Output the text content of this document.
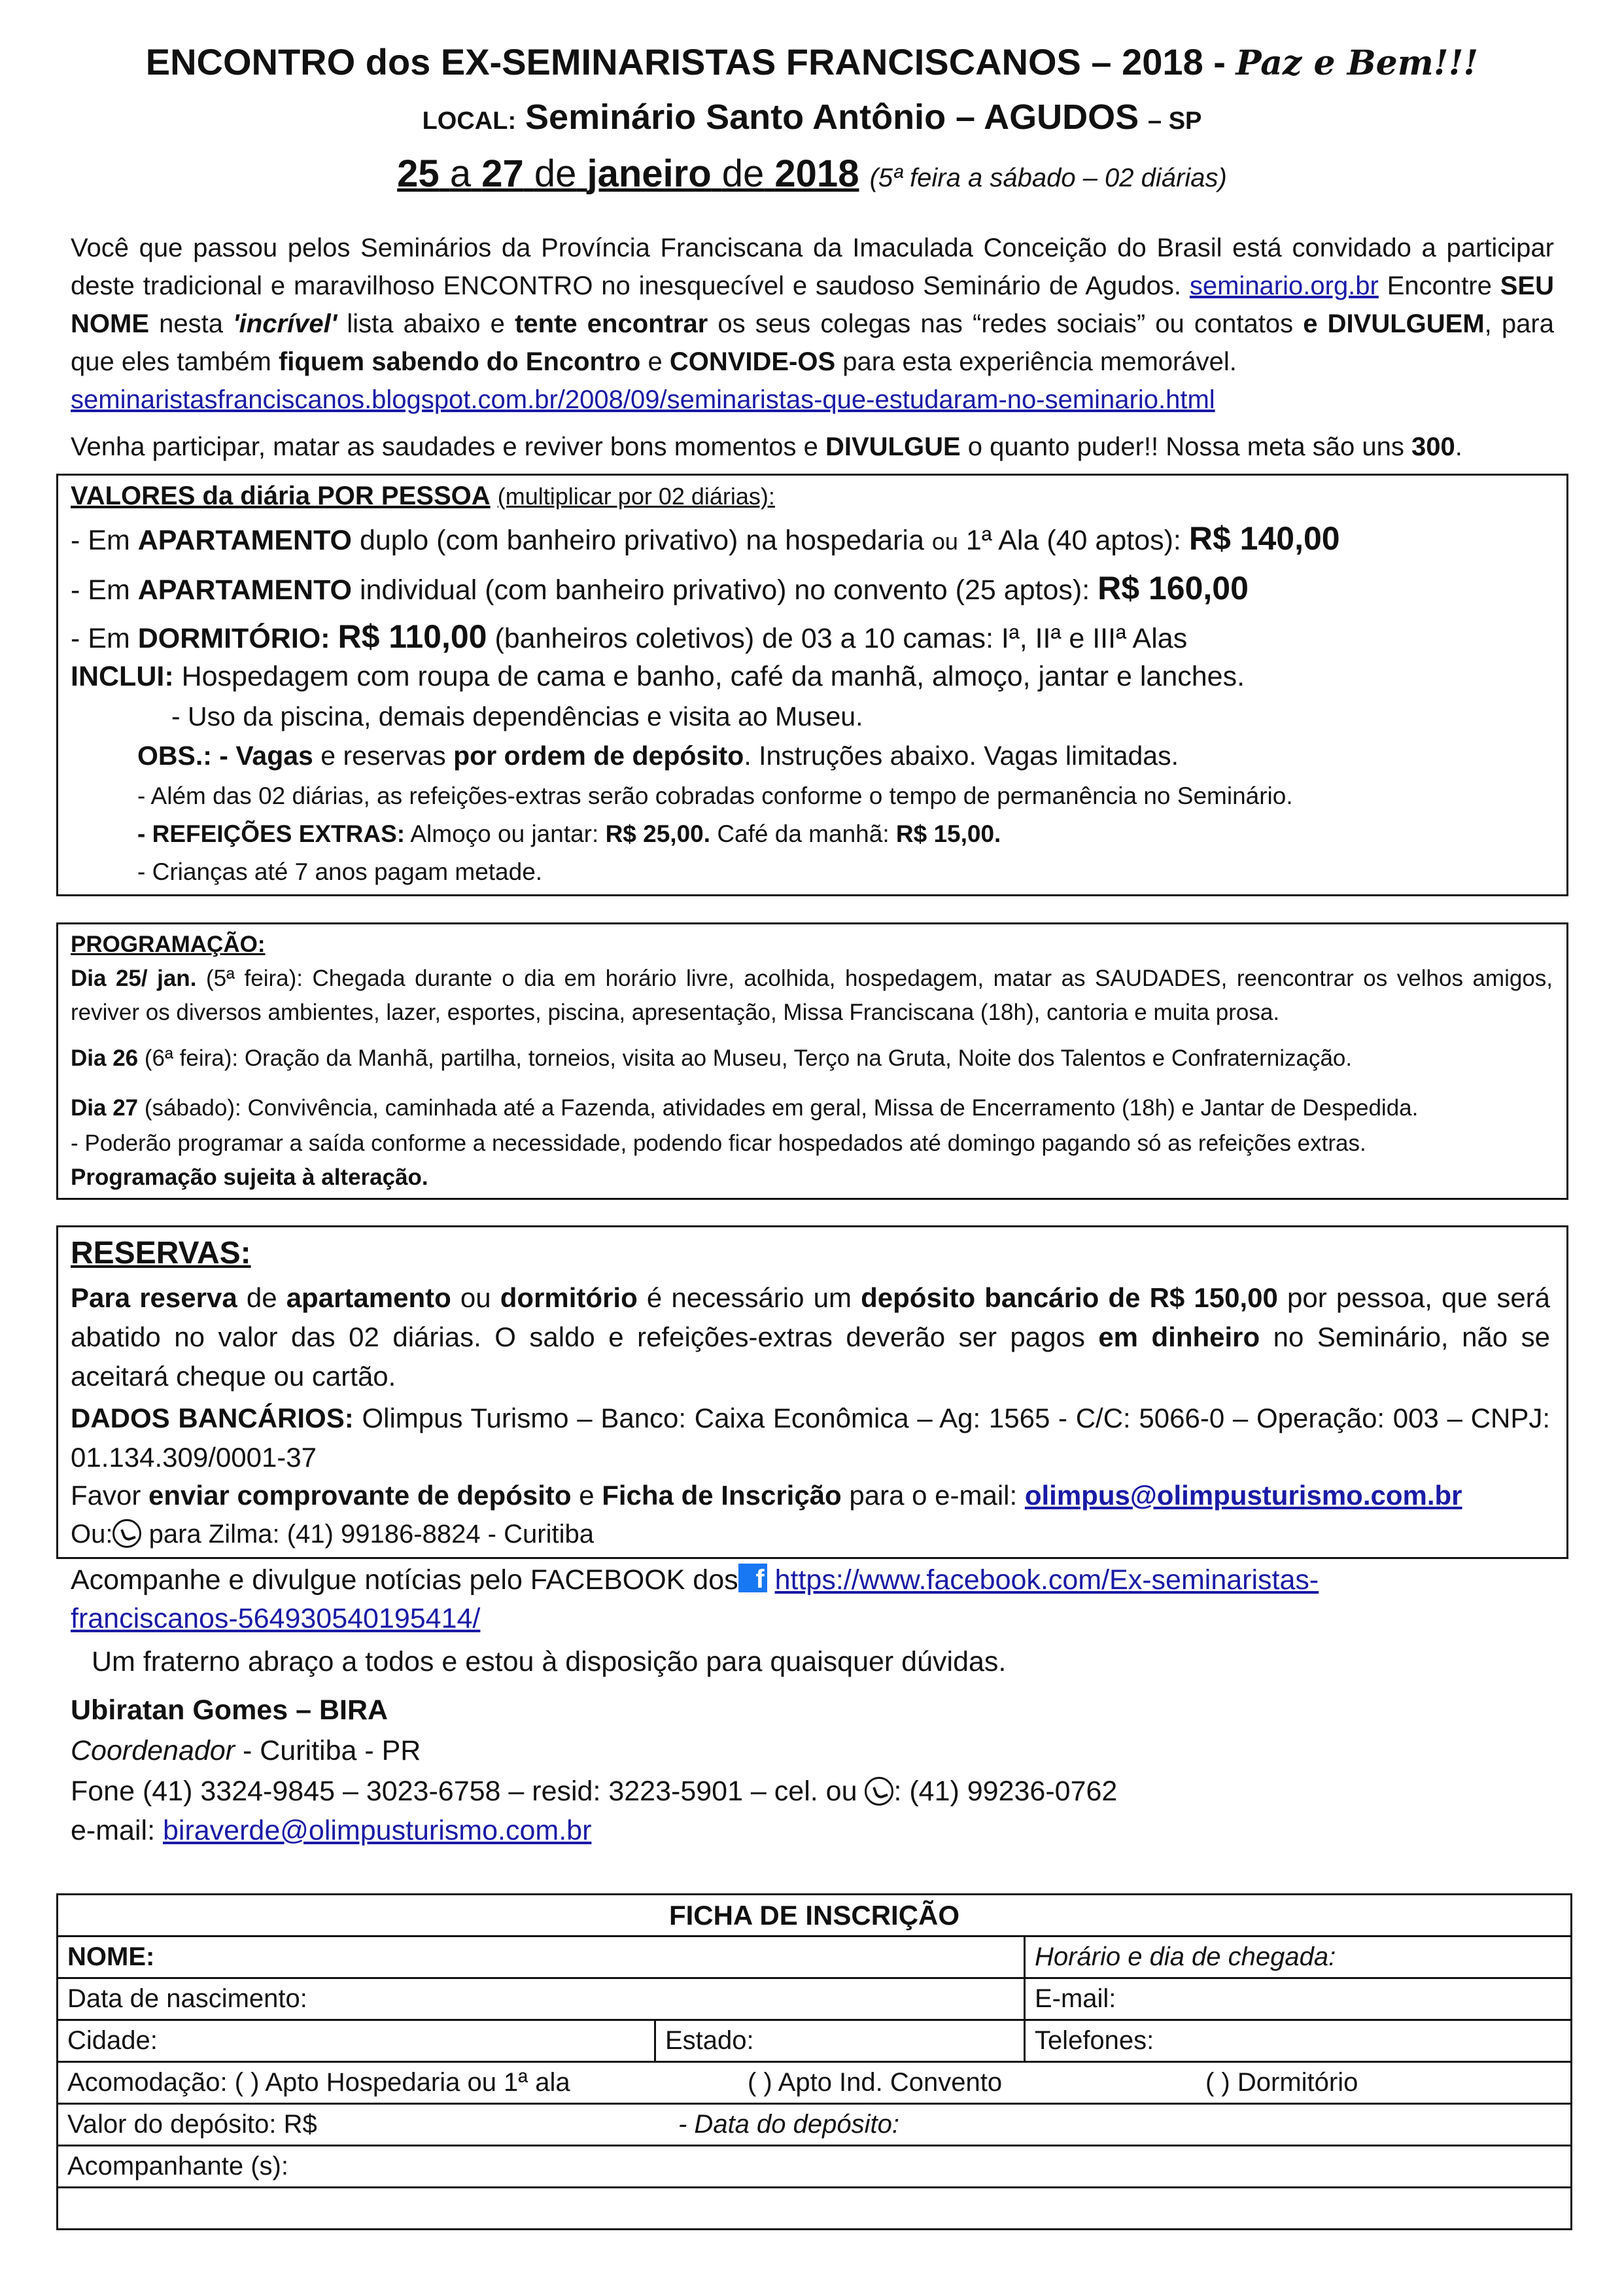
ENCONTRO dos EX-SEMINARISTAS FRANCISCANOS – 2018 - Paz e Bem!!!
LOCAL: Seminário Santo Antônio – AGUDOS – SP
25 a 27 de janeiro de 2018 (5ª feira a sábado – 02 diárias)

Você que passou pelos Seminários da Província Franciscana da Imaculada Conceição do Brasil está convidado a participar deste tradicional e maravilhoso ENCONTRO no inesquecível e saudoso Seminário de Agudos. seminario.org.br Encontre SEU NOME nesta 'incrível' lista abaixo e tente encontrar os seus colegas nas “redes sociais” ou contatos e DIVULGUEM, para que eles também fiquem sabendo do Encontro e CONVIDE-OS para esta experiência memorável.
seminaristasfranciscanos.blogspot.com.br/2008/09/seminaristas-que-estudaram-no-seminario.html

Venha participar, matar as saudades e reviver bons momentos e DIVULGUE o quanto puder!! Nossa meta são uns 300.

VALORES da diária POR PESSOA (multiplicar por 02 diárias):
- Em APARTAMENTO duplo (com banheiro privativo) na hospedaria ou 1ª Ala (40 aptos): R$ 140,00
- Em APARTAMENTO individual (com banheiro privativo) no convento (25 aptos): R$ 160,00
- Em DORMITÓRIO: R$ 110,00 (banheiros coletivos) de 03 a 10 camas: Iª, IIª e IIIª Alas
INCLUI: Hospedagem com roupa de cama e banho, café da manhã, almoço, jantar e lanches.
- Uso da piscina, demais dependências e visita ao Museu.
OBS.: - Vagas e reservas por ordem de depósito. Instruções abaixo. Vagas limitadas.
- Além das 02 diárias, as refeições-extras serão cobradas conforme o tempo de permanência no Seminário.
- REFEIÇÕES EXTRAS: Almoço ou jantar: R$ 25,00. Café da manhã: R$ 15,00.
- Crianças até 7 anos pagam metade.
PROGRAMAÇÃO:
Dia 25/ jan. (5ª feira): Chegada durante o dia em horário livre, acolhida, hospedagem, matar as SAUDADES, reencontrar os velhos amigos, reviver os diversos ambientes, lazer, esportes, piscina, apresentação, Missa Franciscana (18h), cantoria e muita prosa.
Dia 26 (6ª feira): Oração da Manhã, partilha, torneios, visita ao Museu, Terço na Gruta, Noite dos Talentos e Confraternização.
Dia 27 (sábado): Convivência, caminhada até a Fazenda, atividades em geral, Missa de Encerramento (18h) e Jantar de Despedida.
- Poderão programar a saída conforme a necessidade, podendo ficar hospedados até domingo pagando só as refeições extras.
Programação sujeita à alteração.
RESERVAS:
Para reserva de apartamento ou dormitório é necessário um depósito bancário de R$ 150,00 por pessoa, que será abatido no valor das 02 diárias. O saldo e refeições-extras deverão ser pagos em dinheiro no Seminário, não se aceitará cheque ou cartão.
DADOS BANCÁRIOS: Olimpus Turismo – Banco: Caixa Econômica – Ag: 1565 - C/C: 5066-0 – Operação: 003 – CNPJ: 01.134.309/0001-37
Favor enviar comprovante de depósito e Ficha de Inscrição para o e-mail: olimpus@olimpusturismo.com.br
Ou: para Zilma: (41) 99186-8824 - Curitiba
Acompanhe e divulgue notícias pelo FACEBOOK dos f https://www.facebook.com/Ex-seminaristas-
franciscanos-564930540195414/
Um fraterno abraço a todos e estou à disposição para quaisquer dúvidas.
Ubiratan Gomes – BIRA
Coordenador - Curitiba - PR
Fone (41) 3324-9845 – 3023-6758 – resid: 3223-5901 – cel. ou : (41) 99236-0762
e-mail: biraverde@olimpusturismo.com.br
FICHA DE INSCRIÇÃO		
NOME:		Horário e dia de chegada:
Data de nascimento:		E-mail:
Cidade:	Estado:	Telefones:
Acomodação: ( ) Apto Hospedaria ou 1ª ala ( ) Apto Ind. Convento ( ) Dormitório		
Valor do depósito: R$ - Data do depósito:		
Acompanhante (s):		
